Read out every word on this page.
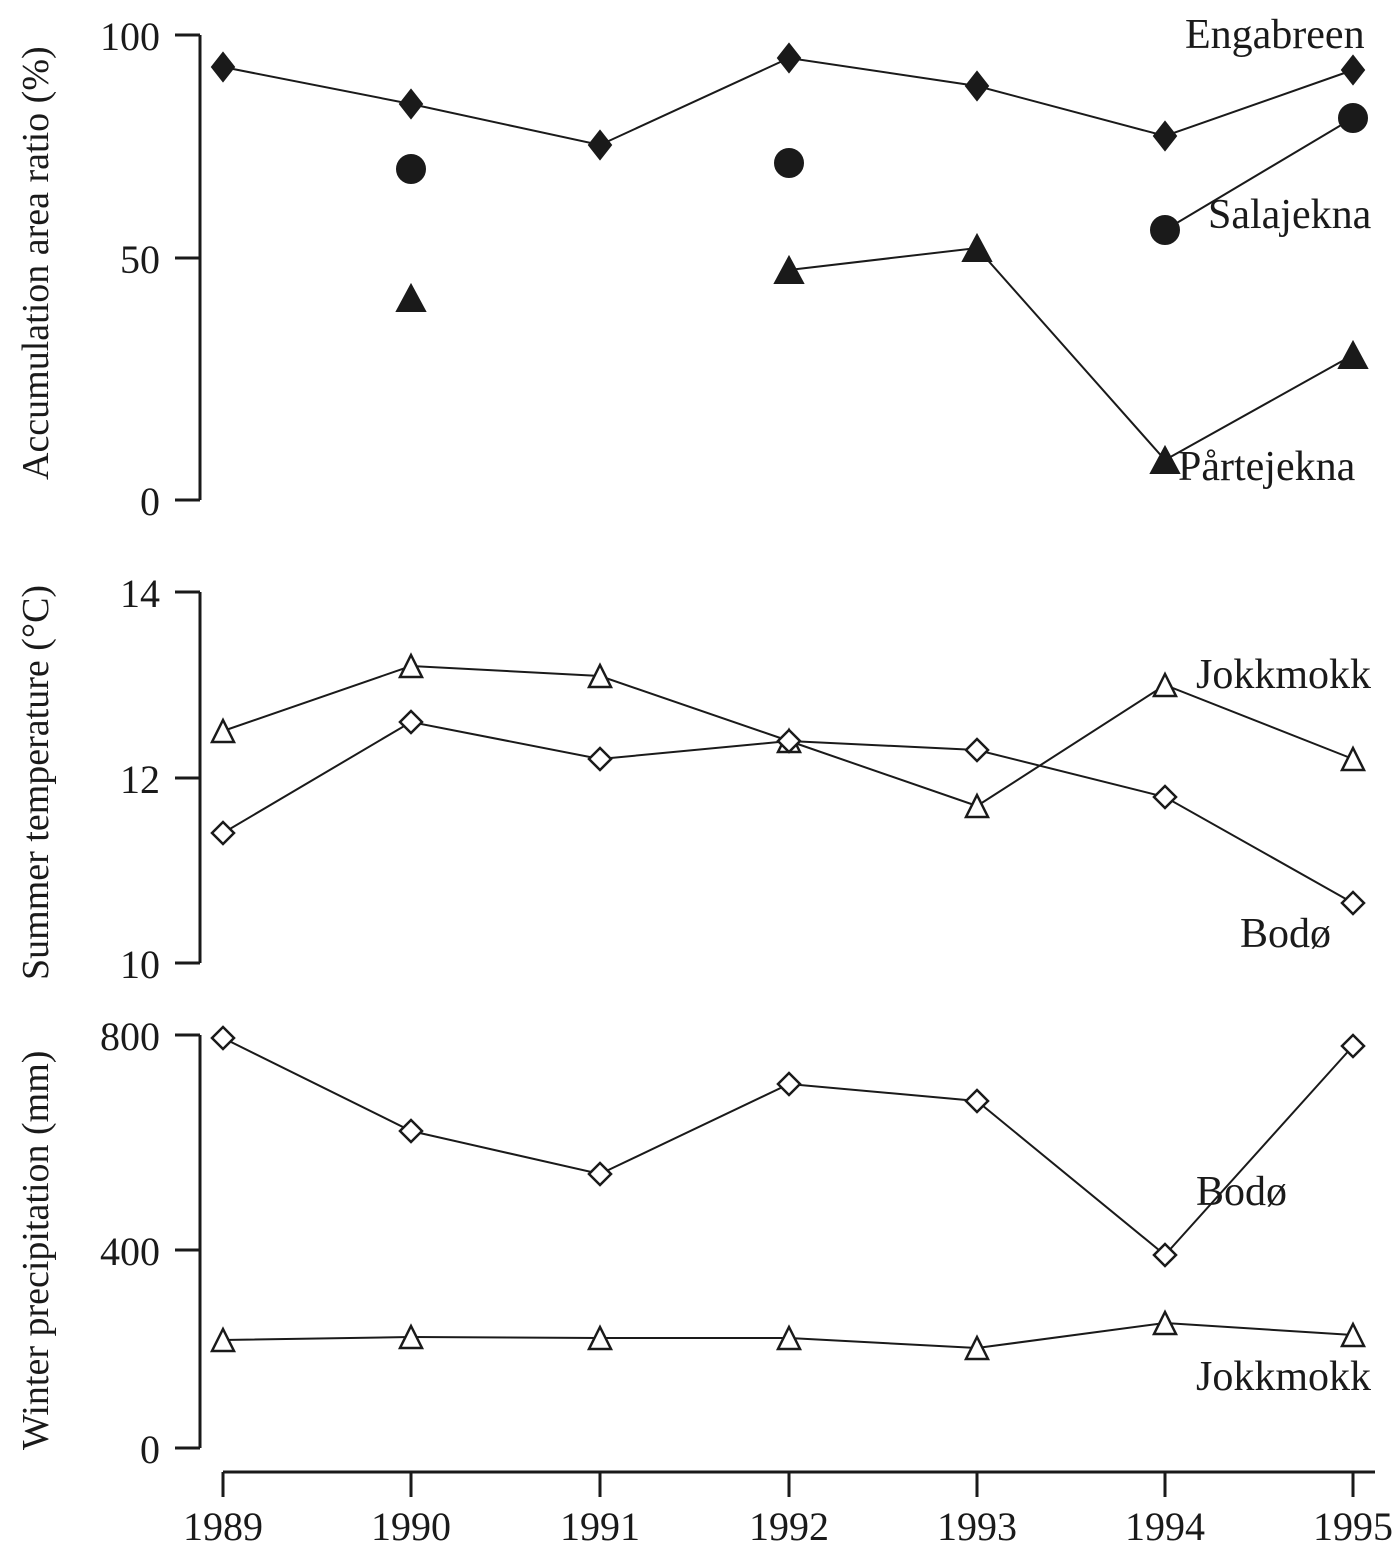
100
50
0
Accumulation area ratio (%)
Engabreen
Salajekna
Pårtejekna
14
12
10
Summer temperature (°C)	Jokkmokk
Bodø
800
400
0
Winter precipitation (mm)	Bodø
Jokkmokk
1989	1990	1991	1992	1993	1994	1995
